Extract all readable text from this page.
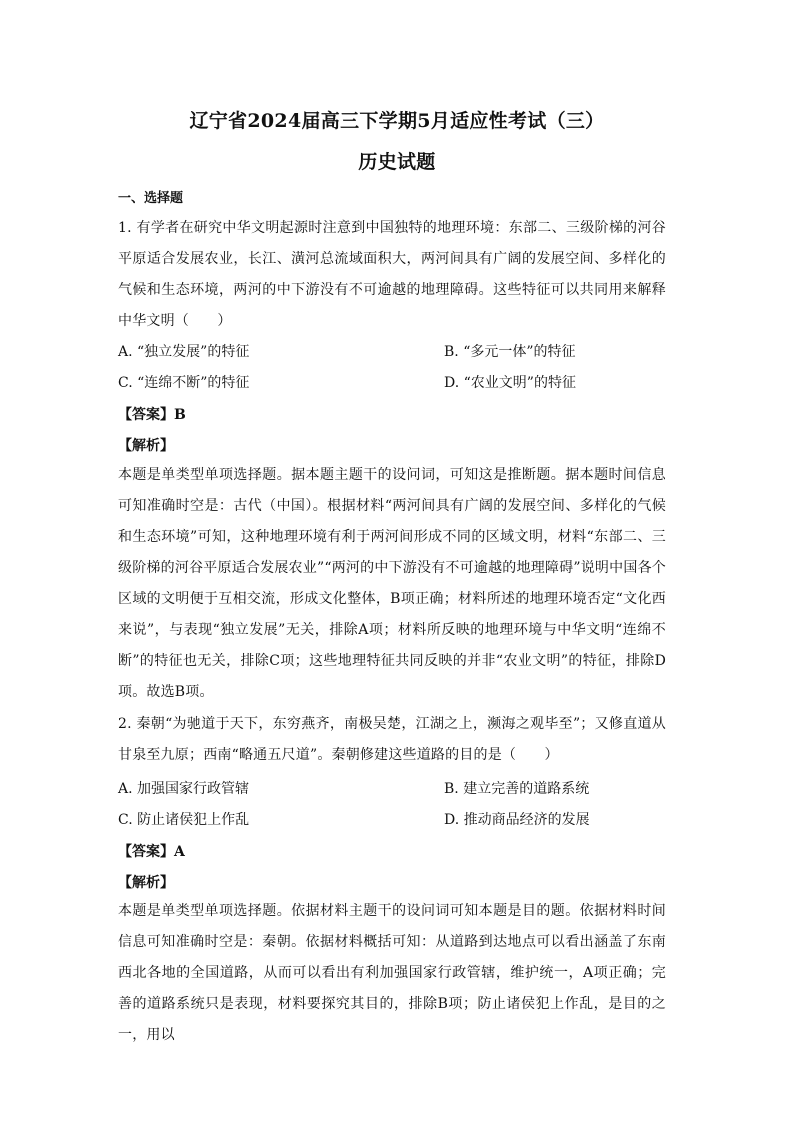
辽宁省2024届高三下学期5月适应性考试（三）
历史试题
一、选择题
1. 有学者在研究中华文明起源时注意到中国独特的地理环境：东部二、三级阶梯的河谷平原适合发展农业，长江、潢河总流域面积大，两河间具有广阔的发展空间、多样化的气候和生态环境，两河的中下游没有不可逾越的地理障碍。这些特征可以共同用来解释中华文明（　　）
A. “独立发展”的特征	B. “多元一体”的特征
C. “连绵不断”的特征	D. “农业文明”的特征
【答案】B
【解析】
本题是单类型单项选择题。据本题主题干的设问词，可知这是推断题。据本题时间信息可知准确时空是：古代（中国）。根据材料“两河间具有广阔的发展空间、多样化的气候和生态环境”可知，这种地理环境有利于两河间形成不同的区域文明，材料“东部二、三级阶梯的河谷平原适合发展农业”“两河的中下游没有不可逾越的地理障碍”说明中国各个区域的文明便于互相交流，形成文化整体，B项正确；材料所述的地理环境否定“文化西来说”，与表现“独立发展”无关，排除A项；材料所反映的地理环境与中华文明“连绵不断”的特征也无关，排除C项；这些地理特征共同反映的并非“农业文明”的特征，排除D项。故选B项。
2. 秦朝“为驰道于天下，东穷燕齐，南极吴楚，江湖之上，濒海之观毕至”；又修直道从甘泉至九原；西南“略通五尺道”。秦朝修建这些道路的目的是（　　）
A. 加强国家行政管辖	B. 建立完善的道路系统
C. 防止诸侯犯上作乱	D. 推动商品经济的发展
【答案】A
【解析】
本题是单类型单项选择题。依据材料主题干的设问词可知本题是目的题。依据材料时间信息可知准确时空是：秦朝。依据材料概括可知：从道路到达地点可以看出涵盖了东南西北各地的全国道路，从而可以看出有利加强国家行政管辖，维护统一，A项正确；完善的道路系统只是表现，材料要探究其目的，排除B项；防止诸侯犯上作乱，是目的之一，用以
